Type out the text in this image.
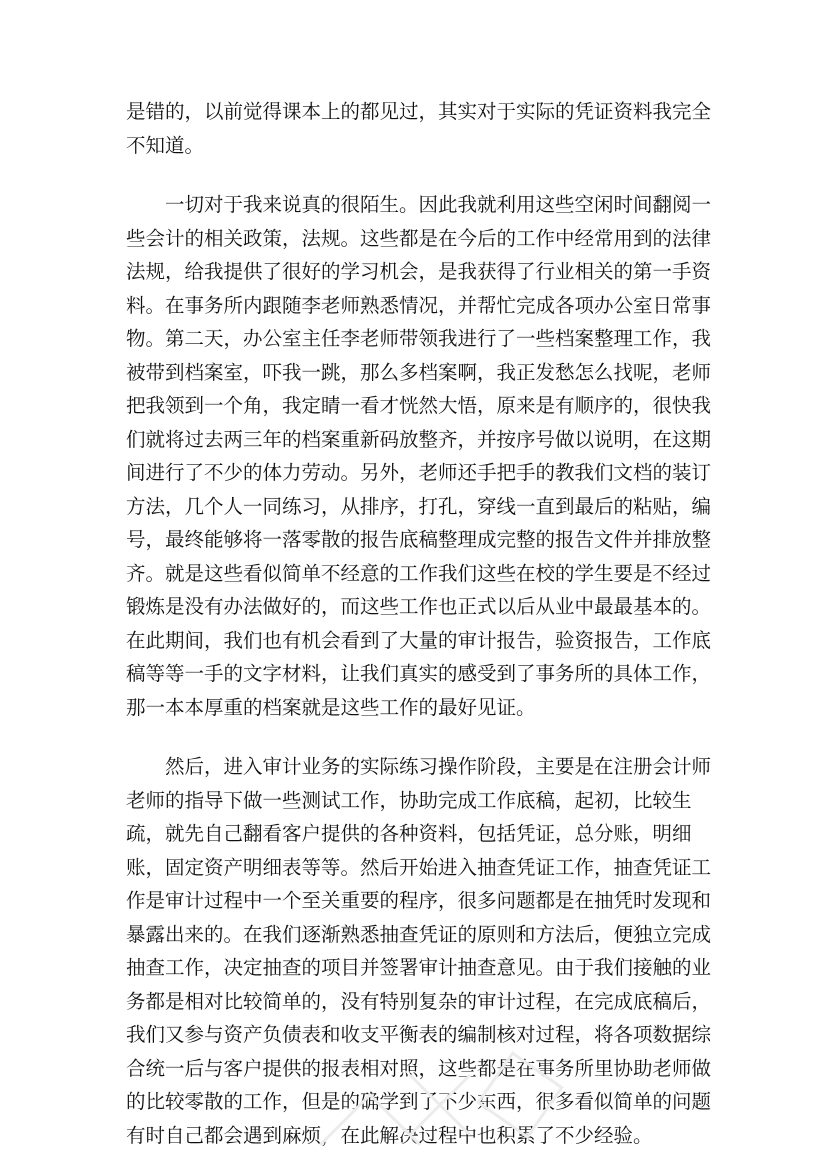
是错的，以前觉得课本上的都见过，其实对于实际的凭证资料我完全不知道。

一切对于我来说真的很陌生。因此我就利用这些空闲时间翻阅一些会计的相关政策，法规。这些都是在今后的工作中经常用到的法律法规，给我提供了很好的学习机会，是我获得了行业相关的第一手资料。在事务所内跟随李老师熟悉情况，并帮忙完成各项办公室日常事物。第二天，办公室主任李老师带领我进行了一些档案整理工作，我被带到档案室，吓我一跳，那么多档案啊，我正发愁怎么找呢，老师把我领到一个角，我定睛一看才恍然大悟，原来是有顺序的，很快我们就将过去两三年的档案重新码放整齐，并按序号做以说明，在这期间进行了不少的体力劳动。另外，老师还手把手的教我们文档的装订方法，几个人一同练习，从排序，打孔，穿线一直到最后的粘贴，编号，最终能够将一落零散的报告底稿整理成完整的报告文件并排放整齐。就是这些看似简单不经意的工作我们这些在校的学生要是不经过锻炼是没有办法做好的，而这些工作也正式以后从业中最最基本的。在此期间，我们也有机会看到了大量的审计报告，验资报告，工作底稿等等一手的文字材料，让我们真实的感受到了事务所的具体工作，那一本本厚重的档案就是这些工作的最好见证。

然后，进入审计业务的实际练习操作阶段，主要是在注册会计师老师的指导下做一些测试工作，协助完成工作底稿，起初，比较生疏，就先自己翻看客户提供的各种资料，包括凭证，总分账，明细账，固定资产明细表等等。然后开始进入抽查凭证工作，抽查凭证工作是审计过程中一个至关重要的程序，很多问题都是在抽凭时发现和暴露出来的。在我们逐渐熟悉抽查凭证的原则和方法后，便独立完成抽查工作，决定抽查的项目并签署审计抽查意见。由于我们接触的业务都是相对比较简单的，没有特别复杂的审计过程，在完成底稿后，我们又参与资产负债表和收支平衡表的编制核对过程，将各项数据综合统一后与客户提供的报表相对照，这些都是在事务所里协助老师做的比较零散的工作，但是的确学到了不少东西，很多看似简单的问题有时自己都会遇到麻烦，在此解决过程中也积累了不少经验。
